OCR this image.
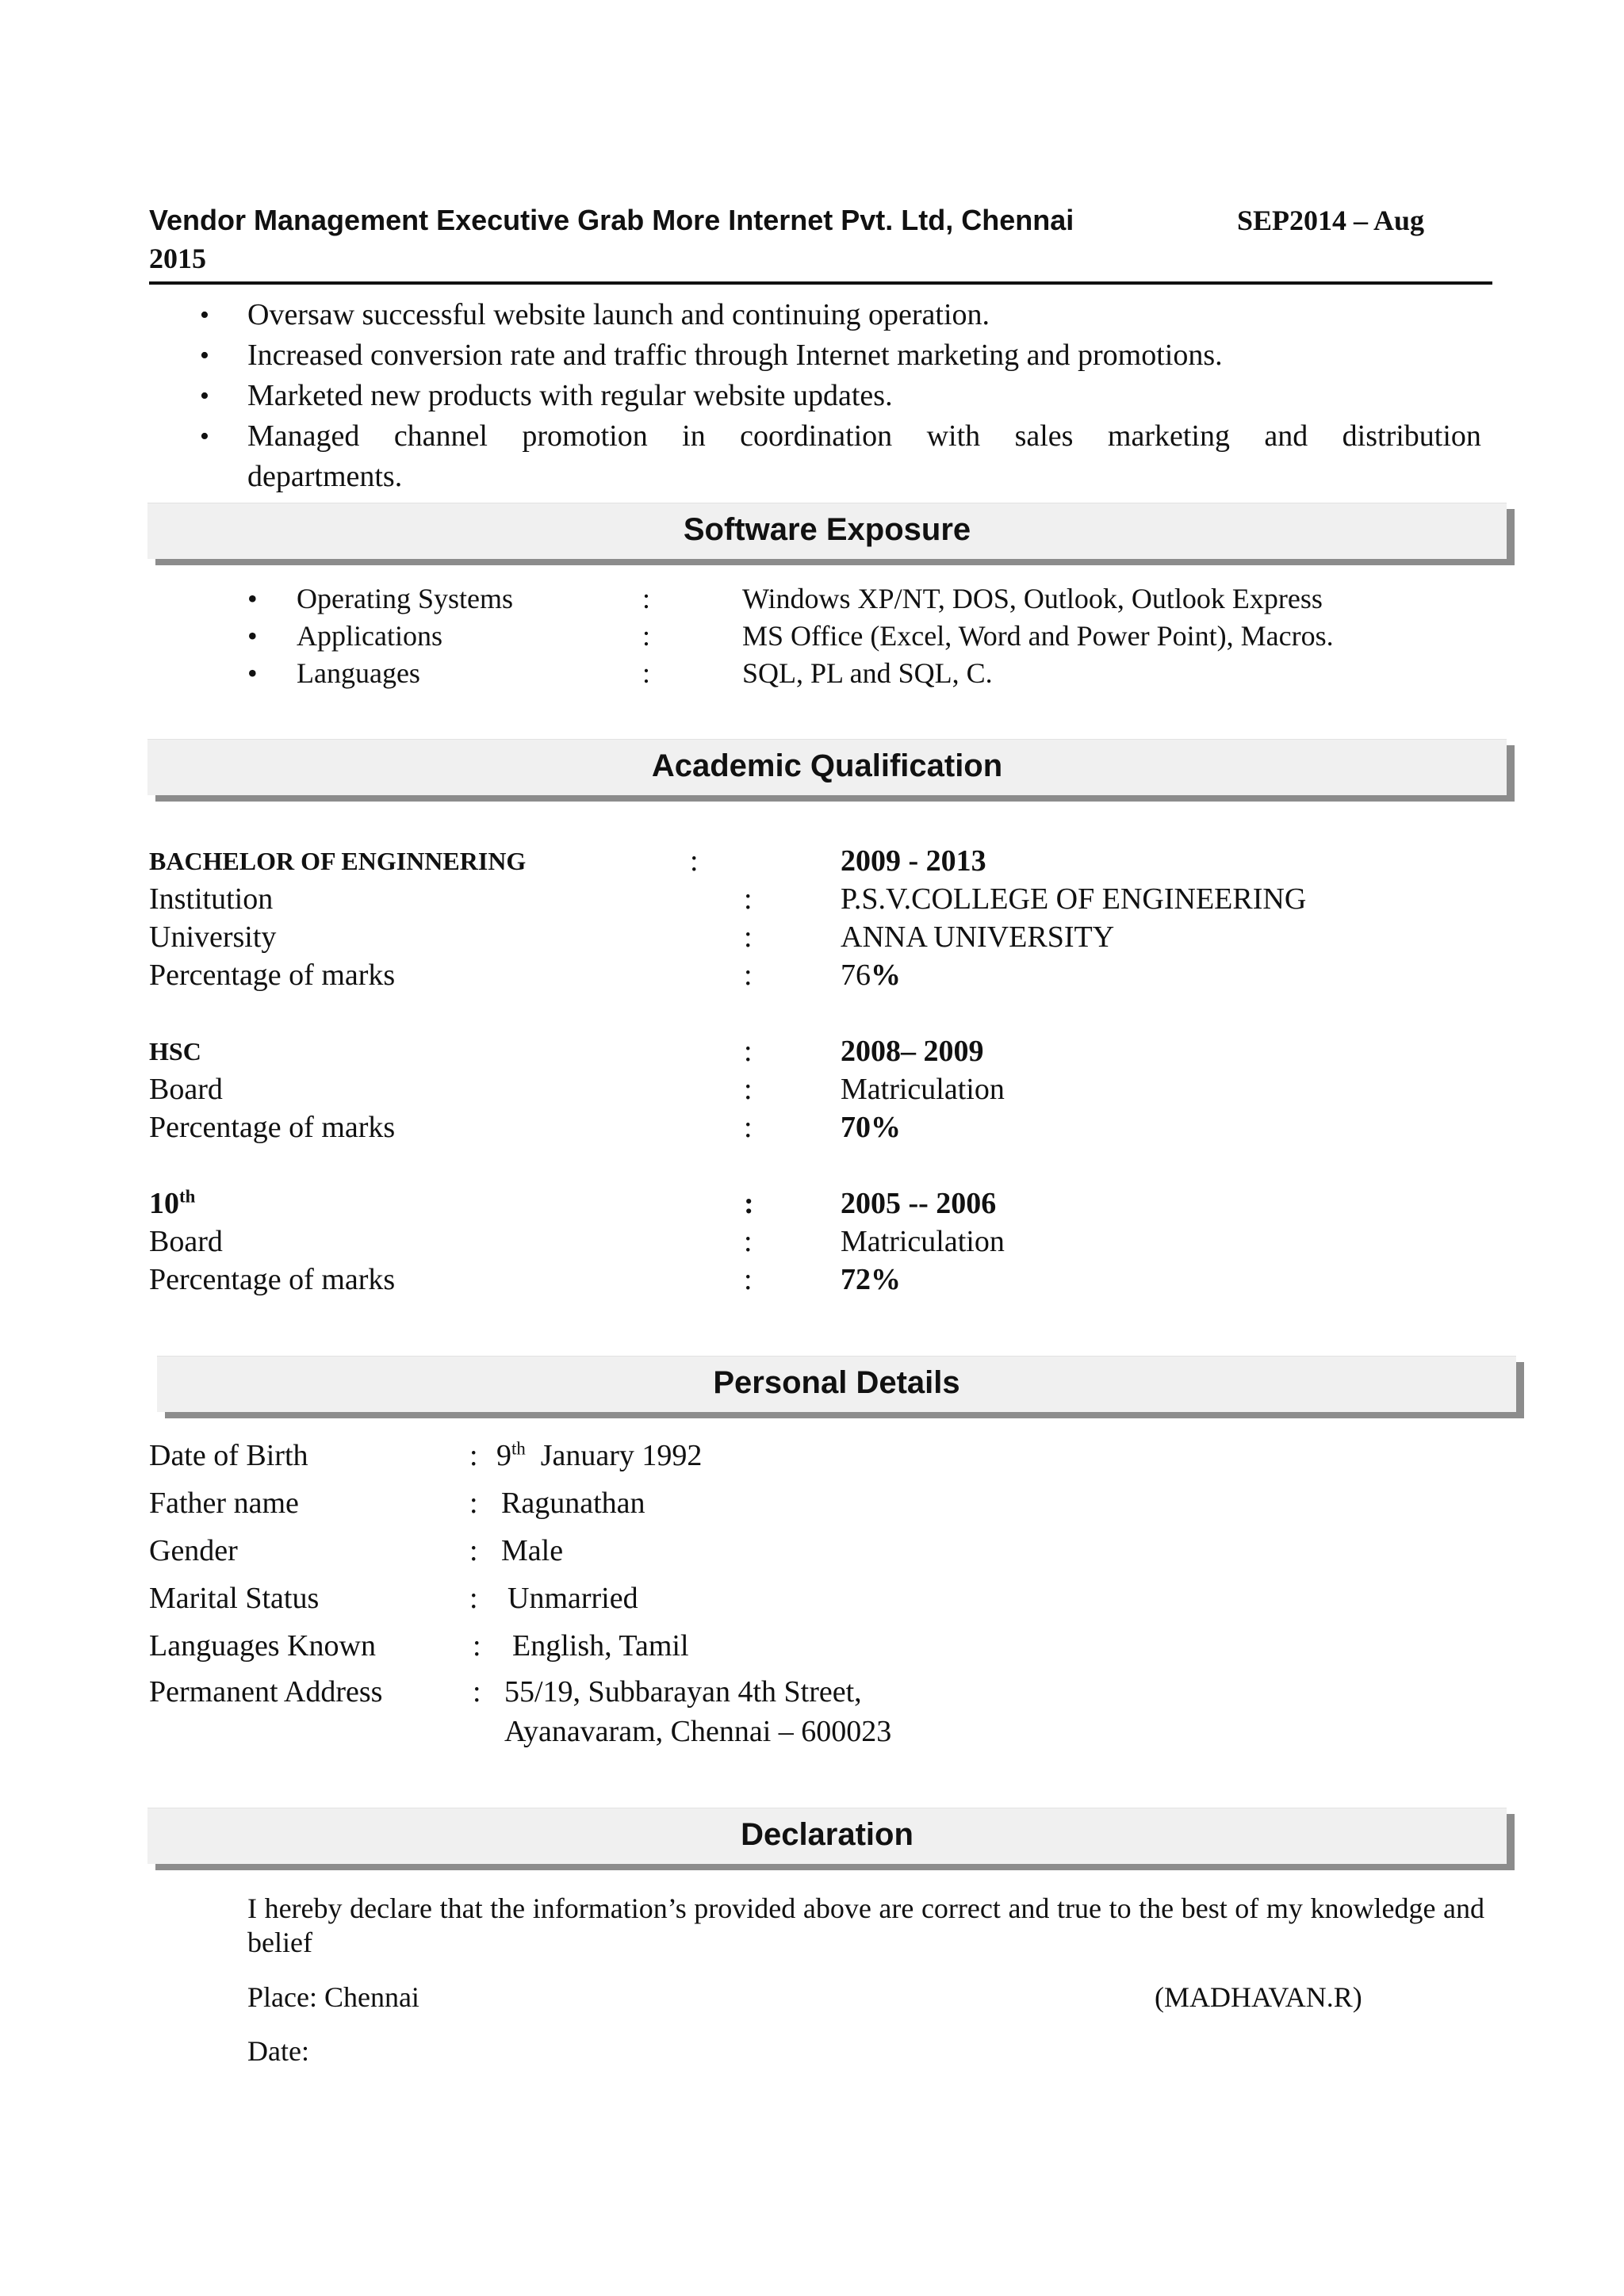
Vendor Management Executive Grab More Internet Pvt. Ltd, Chennai	SEP2014 – Aug
2015
• Oversaw successful website launch and continuing operation.
• Increased conversion rate and traffic through Internet marketing and promotions.
• Marketed new products with regular website updates.
• Managed channel promotion in coordination with sales marketing and distribution
departments.
Software Exposure
• Operating Systems	:	Windows XP/NT, DOS, Outlook, Outlook Express
• Applications	:	MS Office (Excel, Word and Power Point), Macros.
• Languages	:	SQL, PL and SQL, C.
Academic Qualification
BACHELOR OF ENGINNERING	:	2009 - 2013
Institution	:	P.S.V.COLLEGE OF ENGINEERING
University	:	ANNA UNIVERSITY
Percentage of marks	:	76%
HSC	:	2008– 2009
Board	:	Matriculation
Percentage of marks	:	70%
10th	:	2005 -- 2006
Board	:	Matriculation
Percentage of marks	:	72%
Personal Details
Date of Birth	: 9th January 1992
Father name	: Ragunathan
Gender	: Male
Marital Status	: Unmarried
Languages Known	: English, Tamil
Permanent Address	: 55/19, Subbarayan 4th Street,
Ayanavaram, Chennai – 600023
Declaration
I hereby declare that the information’s provided above are correct and true to the best of my knowledge and belief
Place: Chennai	(MADHAVAN.R)
Date:
